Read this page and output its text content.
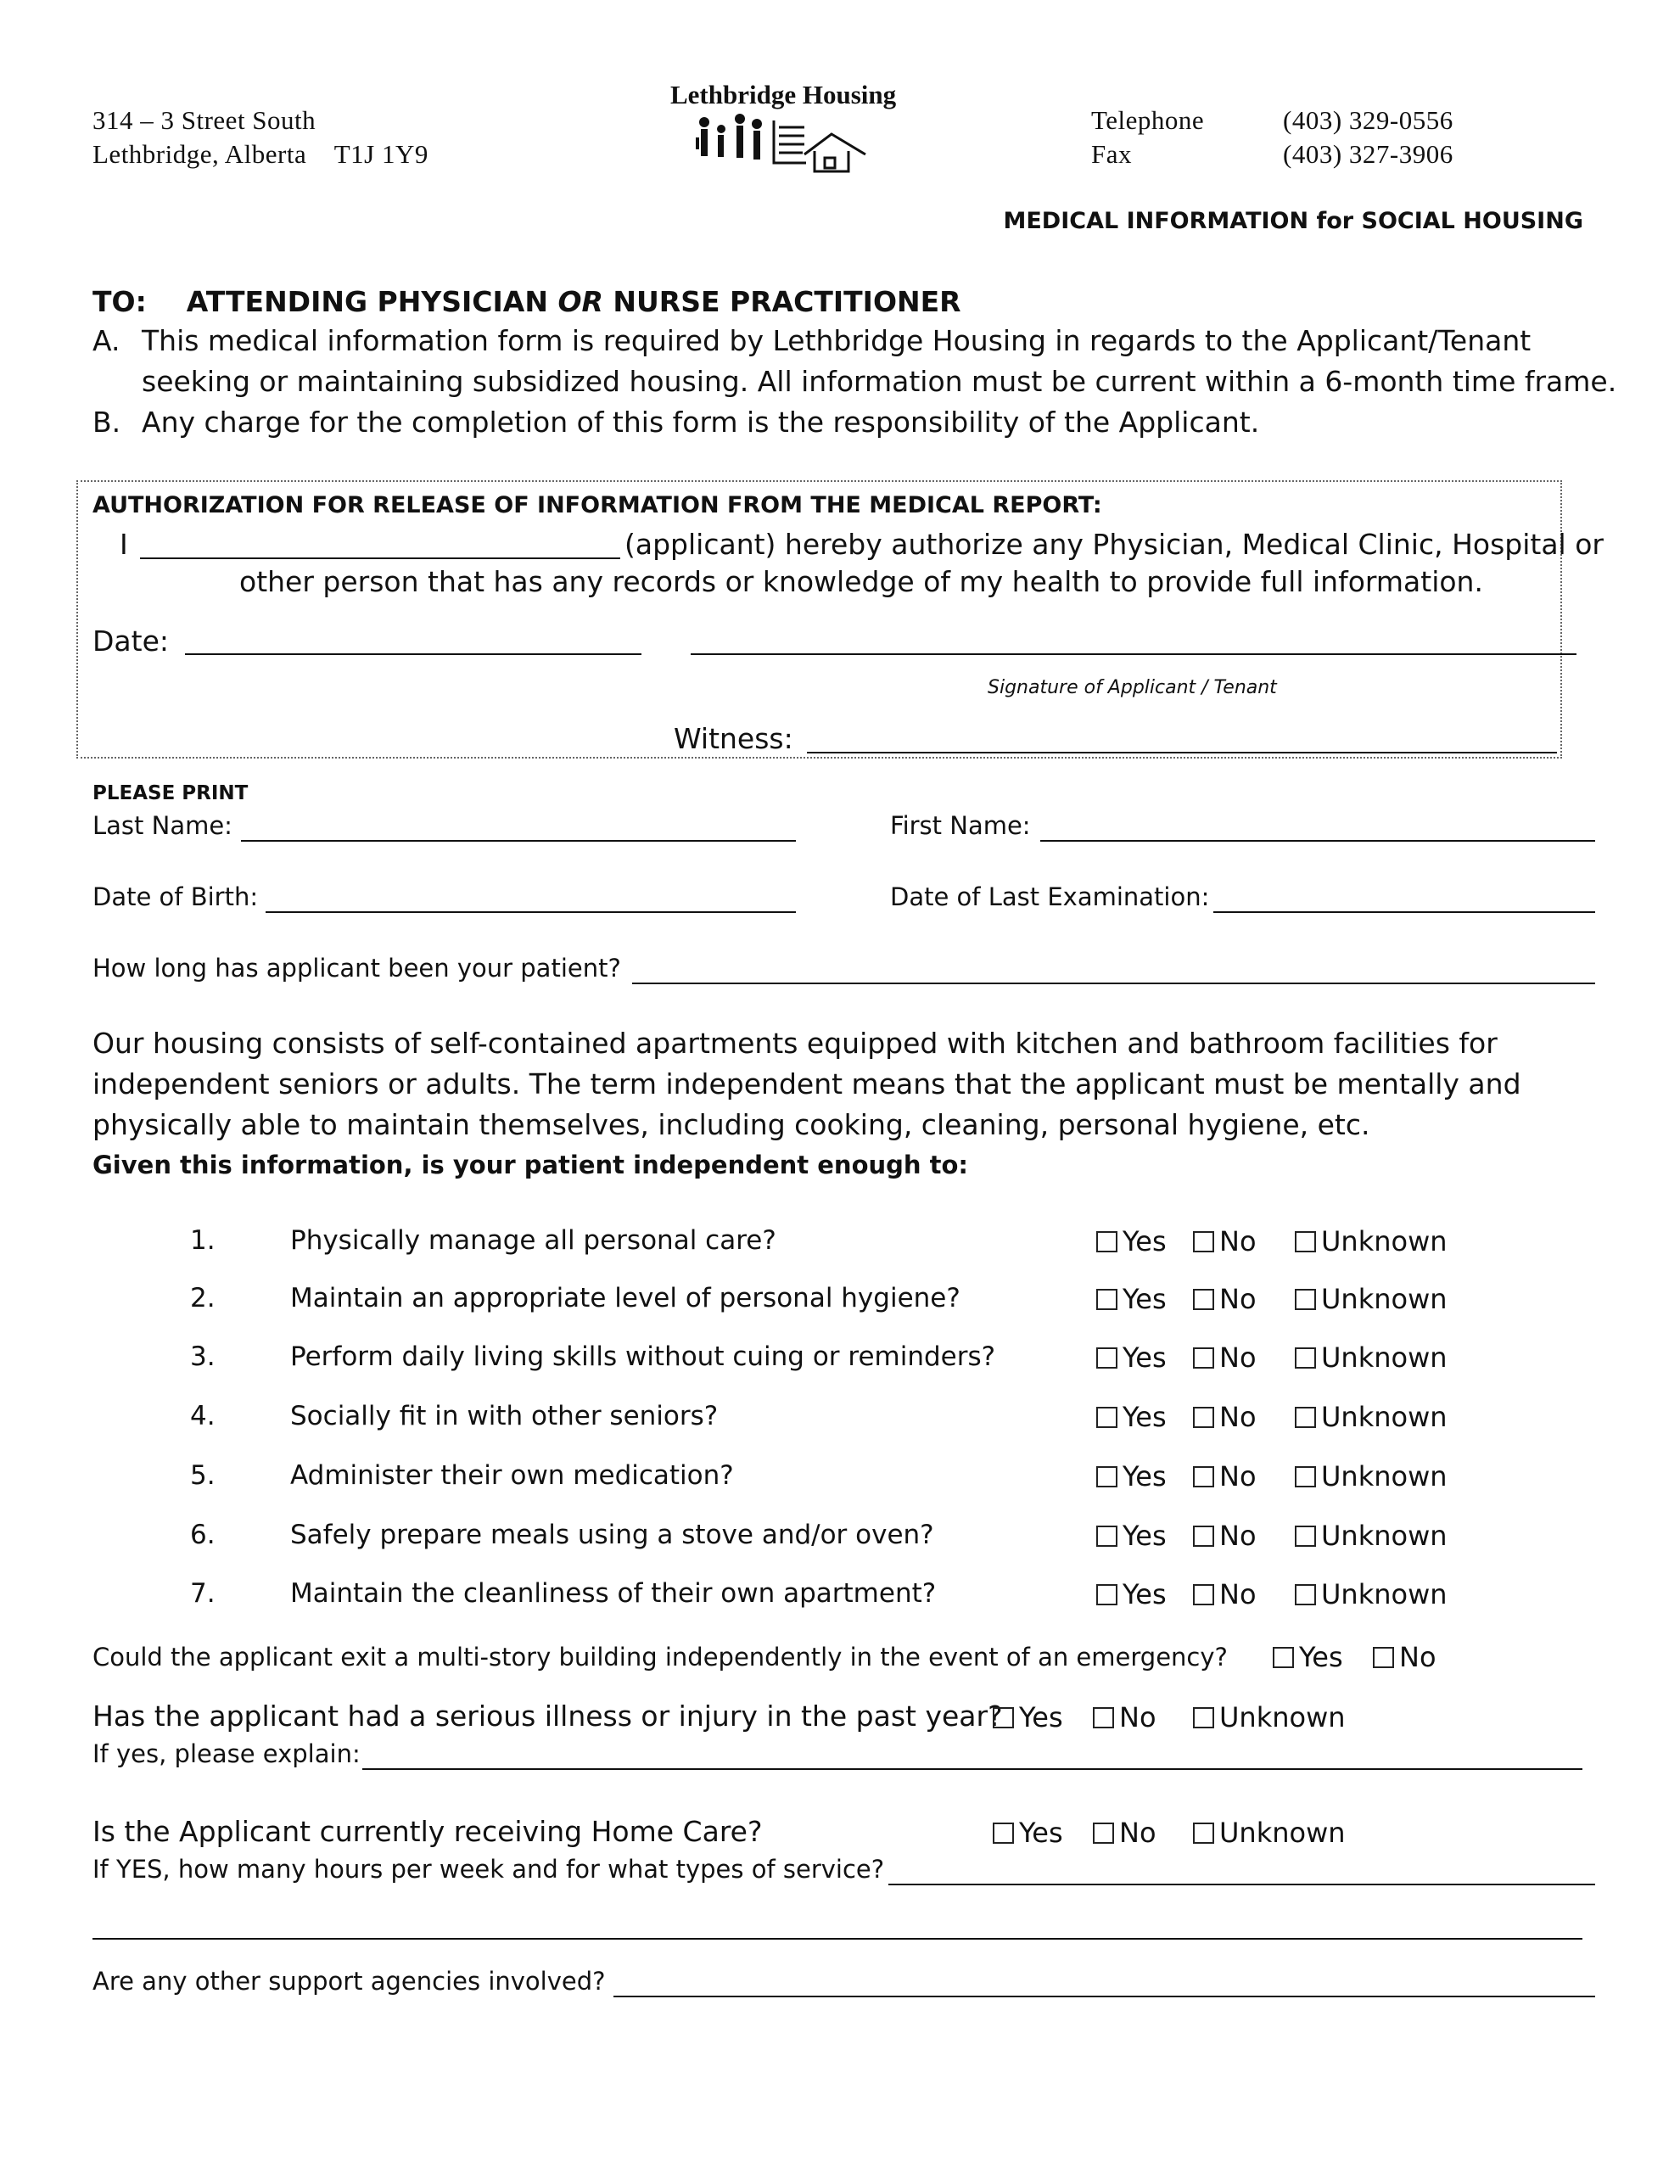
314 – 3 Street South
Lethbridge, Alberta    T1J 1Y9
Lethbridge Housing
Telephone	(403) 329-0556
Fax	(403) 327-3906
MEDICAL INFORMATION for SOCIAL HOUSING
TO: ATTENDING PHYSICIAN OR NURSE PRACTITIONER
A. This medical information form is required by Lethbridge Housing in regards to the Applicant/Tenant
seeking or maintaining subsidized housing. All information must be current within a 6-month time frame.
B. Any charge for the completion of this form is the responsibility of the Applicant.
AUTHORIZATION FOR RELEASE OF INFORMATION FROM THE MEDICAL REPORT:
I	(applicant) hereby authorize any Physician, Medical Clinic, Hospital or
other person that has any records or knowledge of my health to provide full information.
Date:
Signature of Applicant / Tenant
Witness:
PLEASE PRINT
Last Name:	First Name:
Date of Birth:	Date of Last Examination:
How long has applicant been your patient?
Our housing consists of self-contained apartments equipped with kitchen and bathroom facilities for
independent seniors or adults. The term independent means that the applicant must be mentally and
physically able to maintain themselves, including cooking, cleaning, personal hygiene, etc.
Given this information, is your patient independent enough to:
1.	Physically manage all personal care?	Yes No Unknown
2.	Maintain an appropriate level of personal hygiene?	Yes No Unknown
3.	Perform daily living skills without cuing or reminders?	Yes No Unknown
4.	Socially fit in with other seniors?	Yes No Unknown
5.	Administer their own medication?	Yes No Unknown
6.	Safely prepare meals using a stove and/or oven?	Yes No Unknown
7.	Maintain the cleanliness of their own apartment?	Yes No Unknown
Could the applicant exit a multi-story building independently in the event of an emergency?	Yes No
Has the applicant had a serious illness or injury in the past year? Yes No Unknown
If yes, please explain:
Is the Applicant currently receiving Home Care?	Yes No Unknown
If YES, how many hours per week and for what types of service?
Are any other support agencies involved?
